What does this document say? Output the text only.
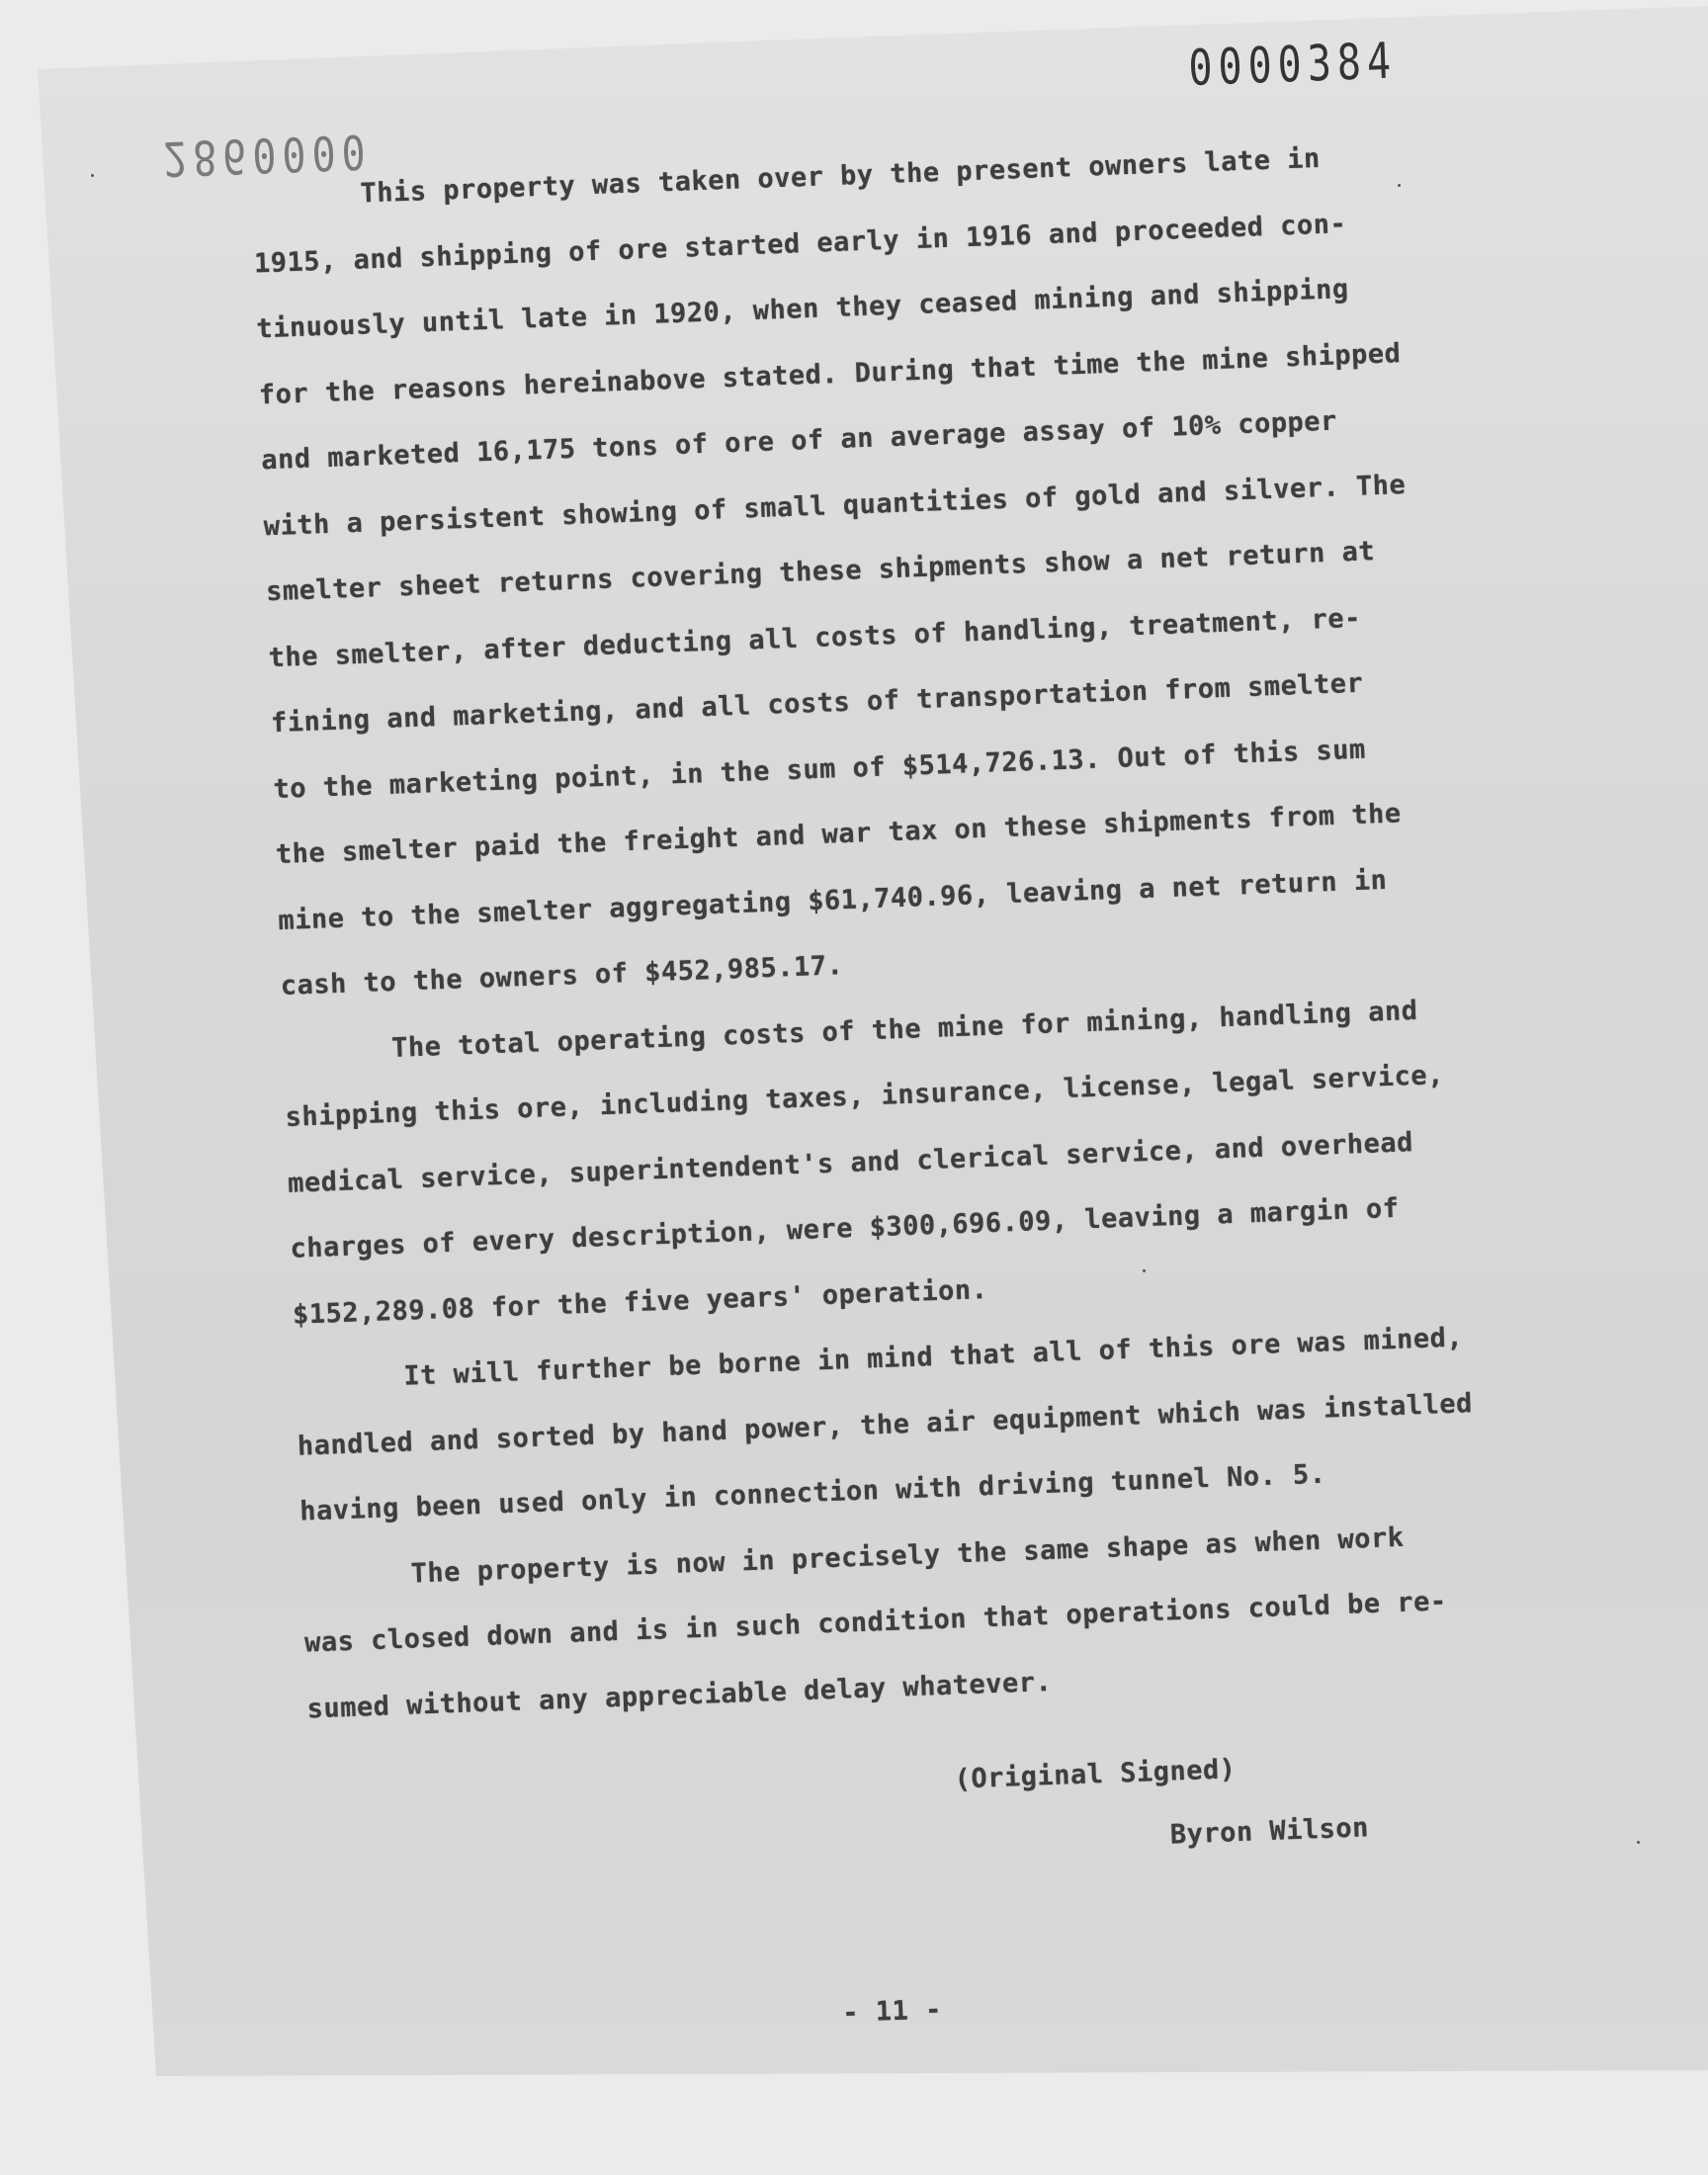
0000384
2860000
This property was taken over by the present owners late in
1915, and shipping of ore started early in 1916 and proceeded con-
tinuously until late in 1920, when they ceased mining and shipping
for the reasons hereinabove stated. During that time the mine shipped
and marketed 16,175 tons of ore of an average assay of 10% copper
with a persistent showing of small quantities of gold and silver. The
smelter sheet returns covering these shipments show a net return at
the smelter, after deducting all costs of handling, treatment, re-
fining and marketing, and all costs of transportation from smelter
to the marketing point, in the sum of $514,726.13. Out of this sum
the smelter paid the freight and war tax on these shipments from the
mine to the smelter aggregating $61,740.96, leaving a net return in
cash to the owners of $452,985.17.
The total operating costs of the mine for mining, handling and
shipping this ore, including taxes, insurance, license, legal service,
medical service, superintendent's and clerical service, and overhead
charges of every description, were $300,696.09, leaving a margin of
$152,289.08 for the five years' operation.
It will further be borne in mind that all of this ore was mined,
handled and sorted by hand power, the air equipment which was installed
having been used only in connection with driving tunnel No. 5.
The property is now in precisely the same shape as when work
was closed down and is in such condition that operations could be re-
sumed without any appreciable delay whatever.
(Original Signed)
Byron Wilson
- 11 -
